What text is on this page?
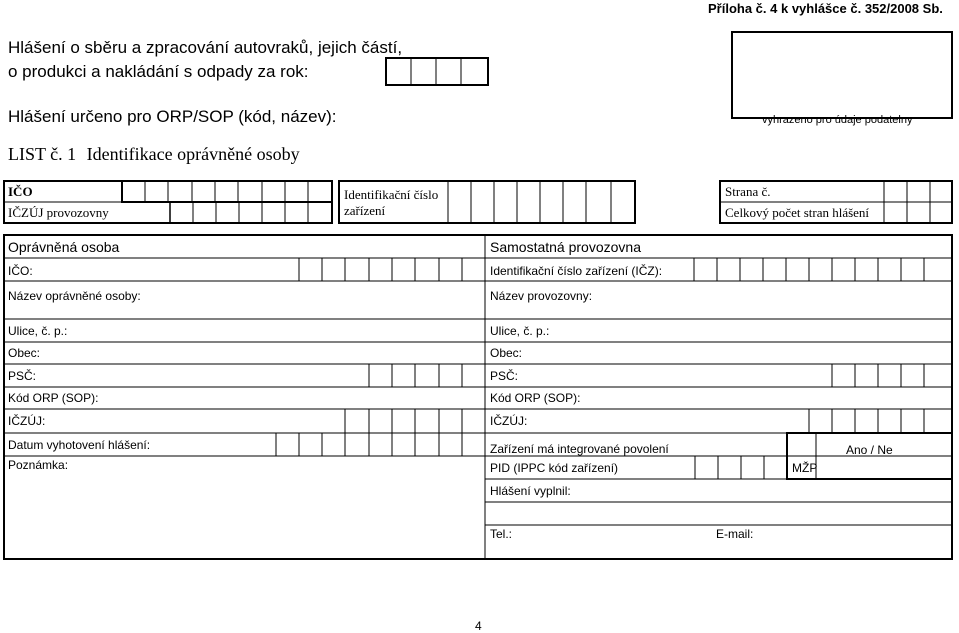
Příloha č. 4 k vyhlášce č. 352/2008 Sb.
Hlášení o sběru a zpracování autovraků, jejich částí,
o produkci a nakládání s odpady za rok:
Hlášení určeno pro ORP/SOP (kód, název):	vyhrazeno pro údaje podatelny
LIST č. 1 Identifikace oprávněné osoby
IČO
IČZÚJ provozovny
Identifikační číslo
zařízení
Strana č.
Celkový počet stran hlášení
Oprávněná osoba
IČO:
Název oprávněné osoby:
Ulice, č. p.:
Obec:
PSČ:
Kód ORP (SOP):
IČZÚJ:
Datum vyhotovení hlášení:
Poznámka:
Samostatná provozovna
Identifikační číslo zařízení (IČZ):
Název provozovny:
Ulice, č. p.:
Obec:
PSČ:
Kód ORP (SOP):
IČZÚJ:
Zařízení má integrované povolení
PID (IPPC kód zařízení)
Ano / Ne
MŽP
Hlášení vyplnil:
Tel.:	E-mail:
4
